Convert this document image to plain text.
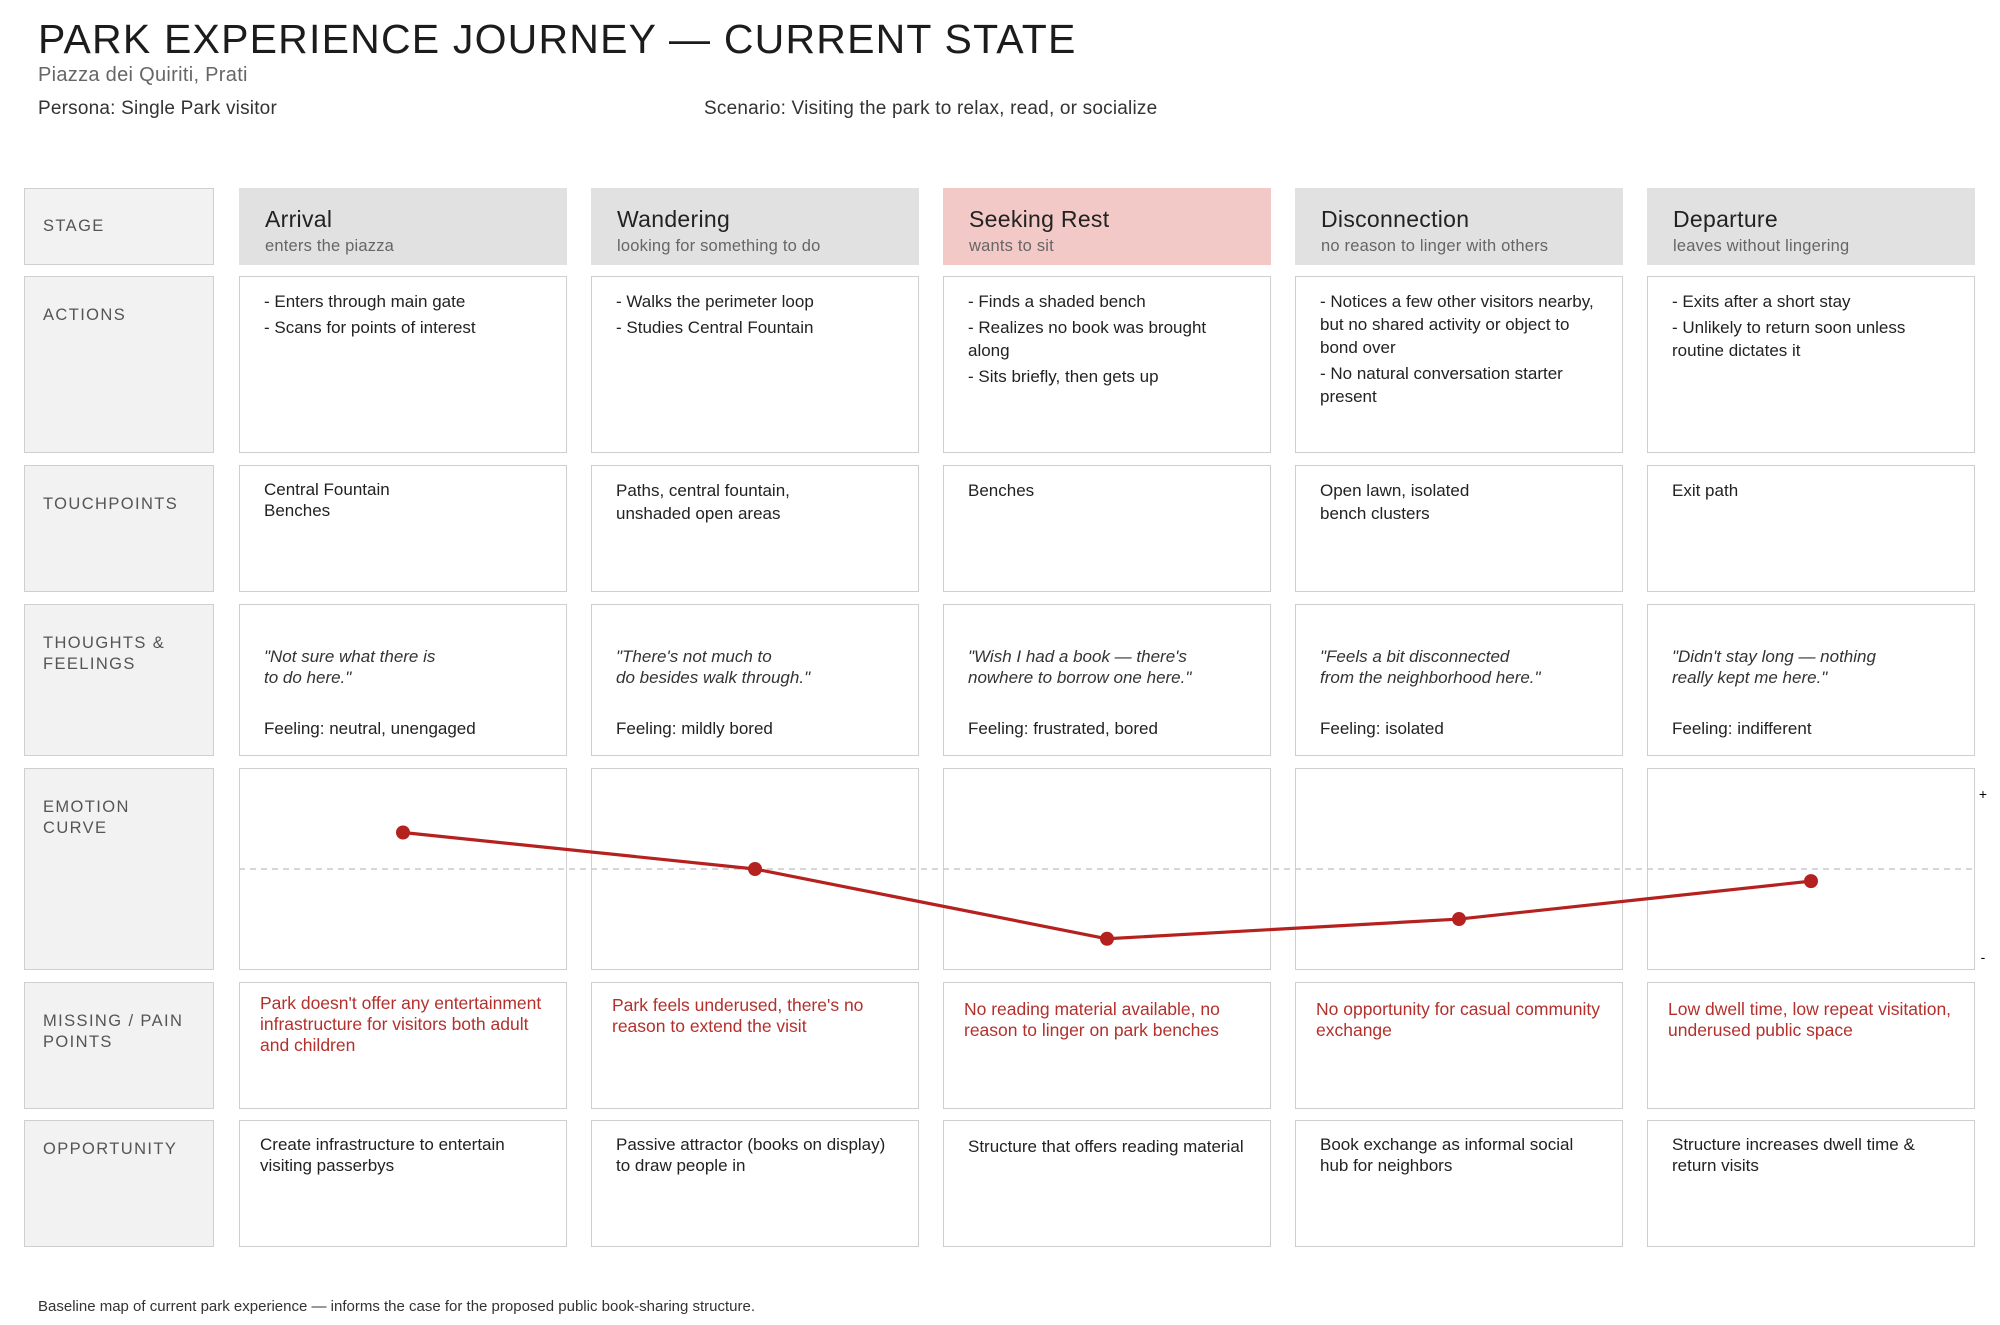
PARK EXPERIENCE JOURNEY — CURRENT STATE
Piazza dei Quiriti, Prati
Persona: Single Park visitor	Scenario: Visiting the park to relax, read, or socialize
STAGE
ACTIONS
TOUCHPOINTS
THOUGHTS & FEELINGS
EMOTION CURVE
MISSING / PAIN POINTS
OPPORTUNITY
Arrival
enters the piazza
- Enters through main gate
- Scans for points of interest
Central Fountain
Benches

"Not sure what there is
to do here."

Feeling: neutral, unengaged

Park doesn't offer any entertainment infrastructure for visitors both adult and children
Create infrastructure to entertain visiting passerbys
Wandering
looking for something to do
- Walks the perimeter loop
- Studies Central Fountain
Paths, central fountain,
unshaded open areas

"There's not much to
do besides walk through."

Feeling: mildly bored

Park feels underused, there's no reason to extend the visit
Passive attractor (books on display) to draw people in
Seeking Rest
wants to sit
- Finds a shaded bench
- Realizes no book was brought along
- Sits briefly, then gets up
Benches

"Wish I had a book — there's
nowhere to borrow one here."

Feeling: frustrated, bored

No reading material available, no reason to linger on park benches
Structure that offers reading material
Disconnection
no reason to linger with others
- Notices a few other visitors nearby, but no shared activity or object to bond over
- No natural conversation starter present
Open lawn, isolated
bench clusters

"Feels a bit disconnected
from the neighborhood here."

Feeling: isolated

No opportunity for casual community exchange
Book exchange as informal social hub for neighbors
Departure
leaves without lingering
- Exits after a short stay
- Unlikely to return soon unless routine dictates it
Exit path

"Didn't stay long — nothing
really kept me here."

Feeling: indifferent

Low dwell time, low repeat visitation, underused public space
Structure increases dwell time & return visits
+
-
Baseline map of current park experience — informs the case for the proposed public book-sharing structure.
